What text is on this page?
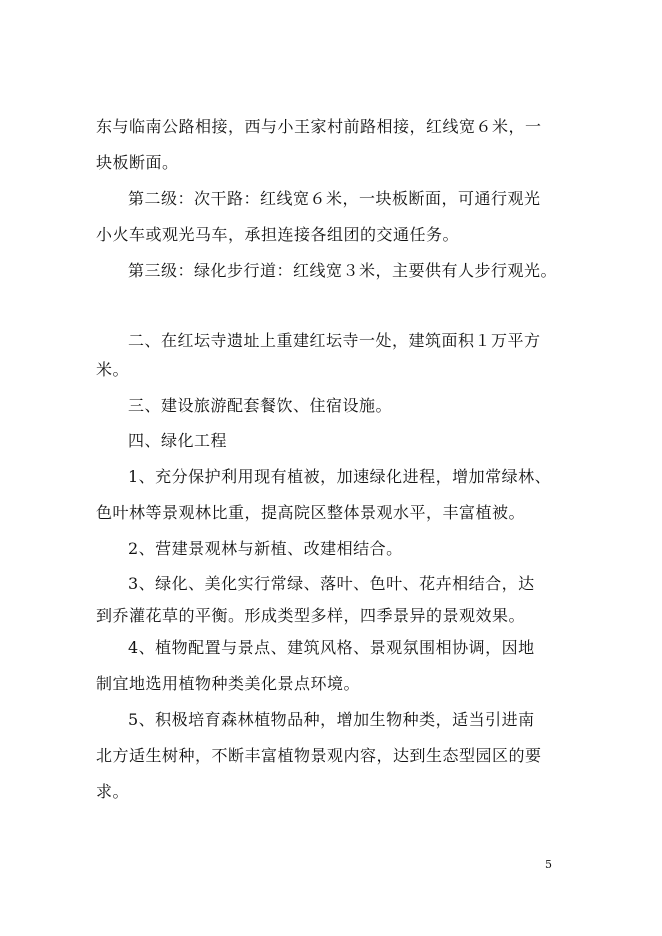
东与临南公路相接，西与小王家村前路相接，红线宽６米，一
块板断面。
第二级：次干路：红线宽６米，一块板断面，可通行观光
小火车或观光马车，承担连接各组团的交通任务。
第三级：绿化步行道：红线宽３米，主要供有人步行观光。
二、在红坛寺遗址上重建红坛寺一处，建筑面积１万平方
米。
三、建设旅游配套餐饮、住宿设施。
四、绿化工程
1、充分保护利用现有植被，加速绿化进程，增加常绿林、
色叶林等景观林比重，提高院区整体景观水平，丰富植被。
2、营建景观林与新植、改建相结合。
3、绿化、美化实行常绿、落叶、色叶、花卉相结合，达
到乔灌花草的平衡。形成类型多样，四季景异的景观效果。
4、植物配置与景点、建筑风格、景观氛围相协调，因地
制宜地选用植物种类美化景点环境。
5、积极培育森林植物品种，增加生物种类，适当引进南
北方适生树种，不断丰富植物景观内容，达到生态型园区的要
求。
5
